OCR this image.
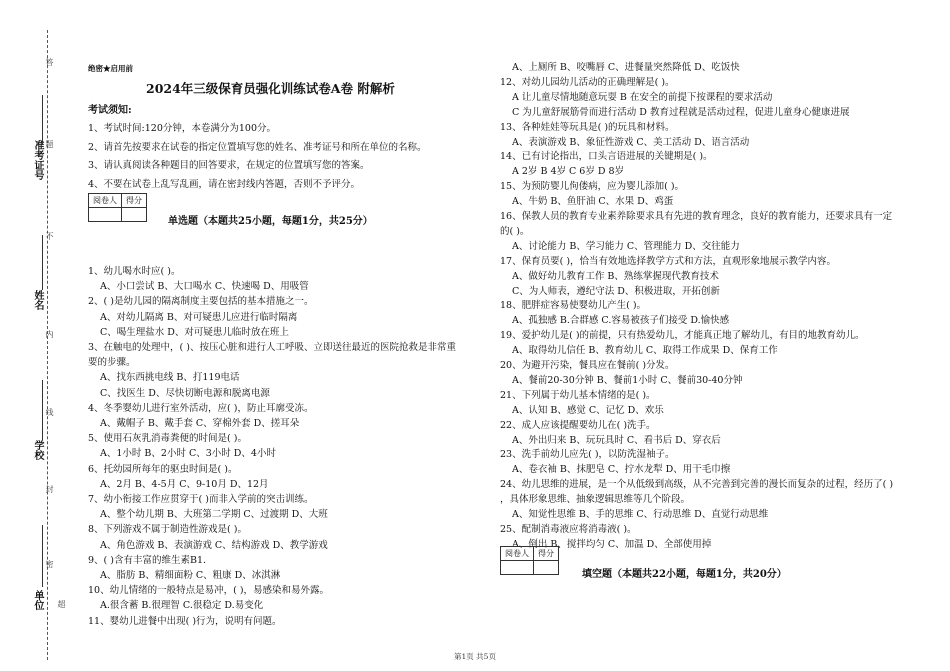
准考证号
姓名
学校
单位
答
题
不
内
线
封
密
超
绝密★启用前
2024年三级保育员强化训练试卷A卷 附解析
考试须知:
1、考试时间:120分钟，本卷满分为100分。
2、请首先按要求在试卷的指定位置填写您的姓名、准考证号和所在单位的名称。
3、请认真阅读各种题目的回答要求，在规定的位置填写您的答案。
4、不要在试卷上乱写乱画，请在密封线内答题，否则不予评分。
阅卷人	得分

单选题（本题共25小题，每题1分，共25分）
1、幼儿喝水时应( )。
A、小口尝试 B、大口喝水 C、快速喝 D、用吸管
2、( )是幼儿园的隔离制度主要包括的基本措施之一。
A、对幼儿隔离 B、对可疑患儿应进行临时隔离
C、喝生理盐水 D、对可疑患儿临时放在班上
3、在触电的处理中，( )、按压心脏和进行人工呼吸、立即送往最近的医院抢救是非常重
要的步骤。
A、找东西挑电线 B、打119电话
C、找医生 D、尽快切断电源和脱离电源
4、冬季婴幼儿进行室外活动，应( )，防止耳廓受冻。
A、戴帽子 B、戴手套 C、穿棉外套 D、搓耳朵
5、使用石灰乳消毒粪便的时间是( )。
A、1小时 B、2小时 C、3小时 D、4小时
6、托幼园所每年的驱虫时间是( )。
A、2月 B、4-5月 C、9-10月 D、12月
7、幼小衔接工作应贯穿于( )而非入学前的突击训练。
A、整个幼儿期 B、大班第二学期 C、过渡期 D、大班
8、下列游戏不属于制造性游戏是( )。
A、角色游戏 B、表演游戏 C、结构游戏 D、教学游戏
9、( )含有丰富的维生素B1.
A、脂肪 B、精细面粉 C、粗康 D、冰淇淋
10、幼儿情绪的一般特点是易冲，( )，易感染和易外露。
A.很含蓄 B.很理智 C.很稳定 D.易变化
11、婴幼儿进餐中出现( )行为，说明有问题。
A、上厕所 B、咬嘴唇 C、进餐量突然降低 D、吃饭快
12、对幼儿园幼儿活动的正确理解是( )。
A 让儿童尽情地随意玩耍 B 在安全的前提下按课程的要求活动
C 为儿童舒展筋骨而进行活动 D 教育过程就是活动过程，促进儿童身心健康进展
13、各种娃娃等玩具是( )的玩具和材料。
A、表演游戏 B、象征性游戏 C、美工活动 D、语言活动
14、已有讨论指出，口头言语进展的关键期是( )。
A 2岁 B 4岁 C 6岁 D 8岁
15、为预防婴儿佝偻病，应为婴儿添加( )。
A、牛奶 B、鱼肝油 C、水果 D、鸡蛋
16、保教人员的教育专业素养除要求具有先进的教育理念，良好的教育能力，还要求具有一定
的( )。
A、讨论能力 B、学习能力 C、管理能力 D、交往能力
17、保育员要( )，恰当有效地选择教学方式和方法，直观形象地展示教学内容。
A、做好幼儿教育工作 B、熟练掌握现代教育技术
C、为人师表，遵纪守法 D、积极进取，开拓创新
18、肥胖症容易使婴幼儿产生( )。
A、孤独感 B.合群感 C.容易被孩子们接受 D.愉快感
19、爱护幼儿是( )的前提，只有热爱幼儿，才能真正地了解幼儿，有目的地教育幼儿。
A、取得幼儿信任 B、教育幼儿 C、取得工作成果 D、保育工作
20、为避开污染，餐具应在餐前( )分发。
A、餐前20-30分钟 B、餐前1小时 C、餐前30-40分钟
21、下列属于幼儿基本情绪的是( )。
A、认知 B、感觉 C、记忆 D、欢乐
22、成人应该提醒要幼儿在( )洗手。
A、外出归来 B、玩玩具时 C、看书后 D、穿衣后
23、洗手前幼儿应先( )，以防洗湿袖子。
A、卷衣袖 B、抹肥皂 C、拧水龙犁 D、用干毛巾擦
24、幼儿思维的进展，是一个从低级到高级，从不完善到完善的漫长而复杂的过程，经历了( )
，具体形象思维、抽象逻辑思维等几个阶段。
A、知觉性思维 B、手的思维 C、行动思维 D、直觉行动思维
25、配制消毒液应将消毒液( )。
A、倒出 B、搅拌均匀 C、加温 D、全部使用掉
阅卷人	得分

填空题（本题共22小题，每题1分，共20分）
第1页 共5页
